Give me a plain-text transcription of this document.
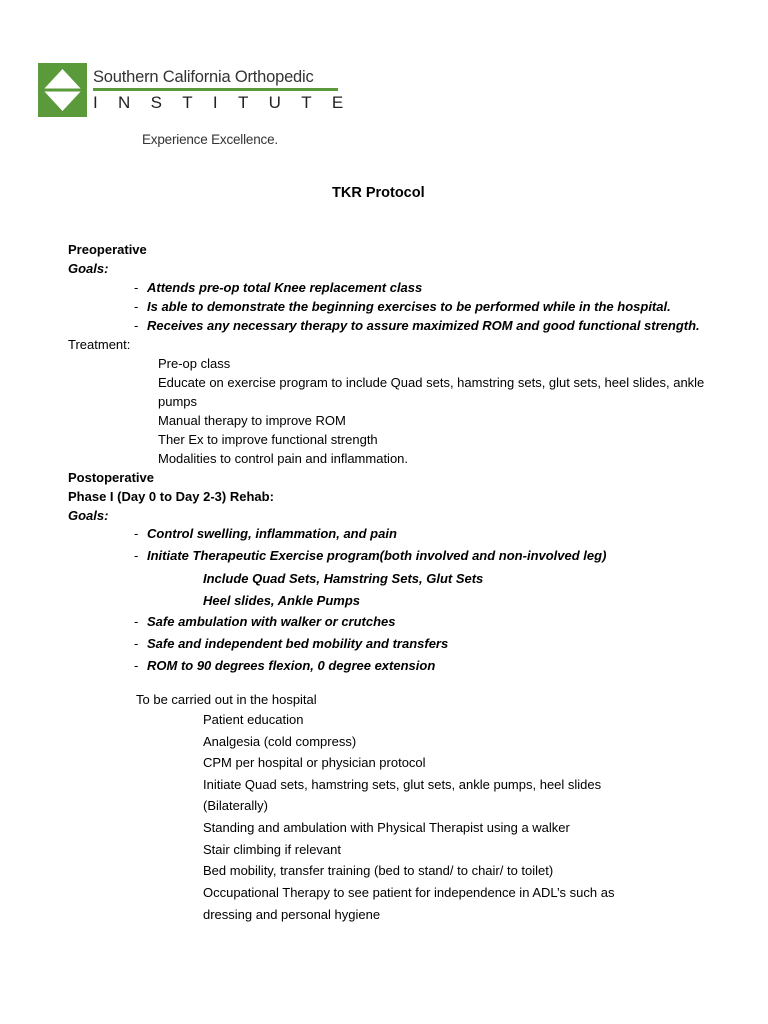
Southern California Orthopedic
INSTITUTE
Experience Excellence.
TKR Protocol
Preoperative
Goals:
- Attends pre-op total Knee replacement class
- Is able to demonstrate the beginning exercises to be performed while in the hospital.
- Receives any necessary therapy to assure maximized ROM and good functional strength.
Treatment:
Pre-op class
Educate on exercise program to include Quad sets, hamstring sets, glut sets, heel slides, ankle
pumps
Manual therapy to improve ROM
Ther Ex to improve functional strength
Modalities to control pain and inflammation.
Postoperative
Phase I (Day 0 to Day 2-3) Rehab:
Goals:
- Control swelling, inflammation, and pain
- Initiate Therapeutic Exercise program(both involved and non-involved leg)
Include Quad Sets, Hamstring Sets, Glut Sets
Heel slides, Ankle Pumps
- Safe ambulation with walker or crutches
- Safe and independent bed mobility and transfers
- ROM to 90 degrees flexion, 0 degree extension
To be carried out in the hospital
Patient education
Analgesia (cold compress)
CPM per hospital or physician protocol
Initiate Quad sets, hamstring sets, glut sets, ankle pumps, heel slides
(Bilaterally)
Standing and ambulation with Physical Therapist using a walker
Stair climbing if relevant
Bed mobility, transfer training (bed to stand/ to chair/ to toilet)
Occupational Therapy to see patient for independence in ADL’s such as
dressing and personal hygiene
